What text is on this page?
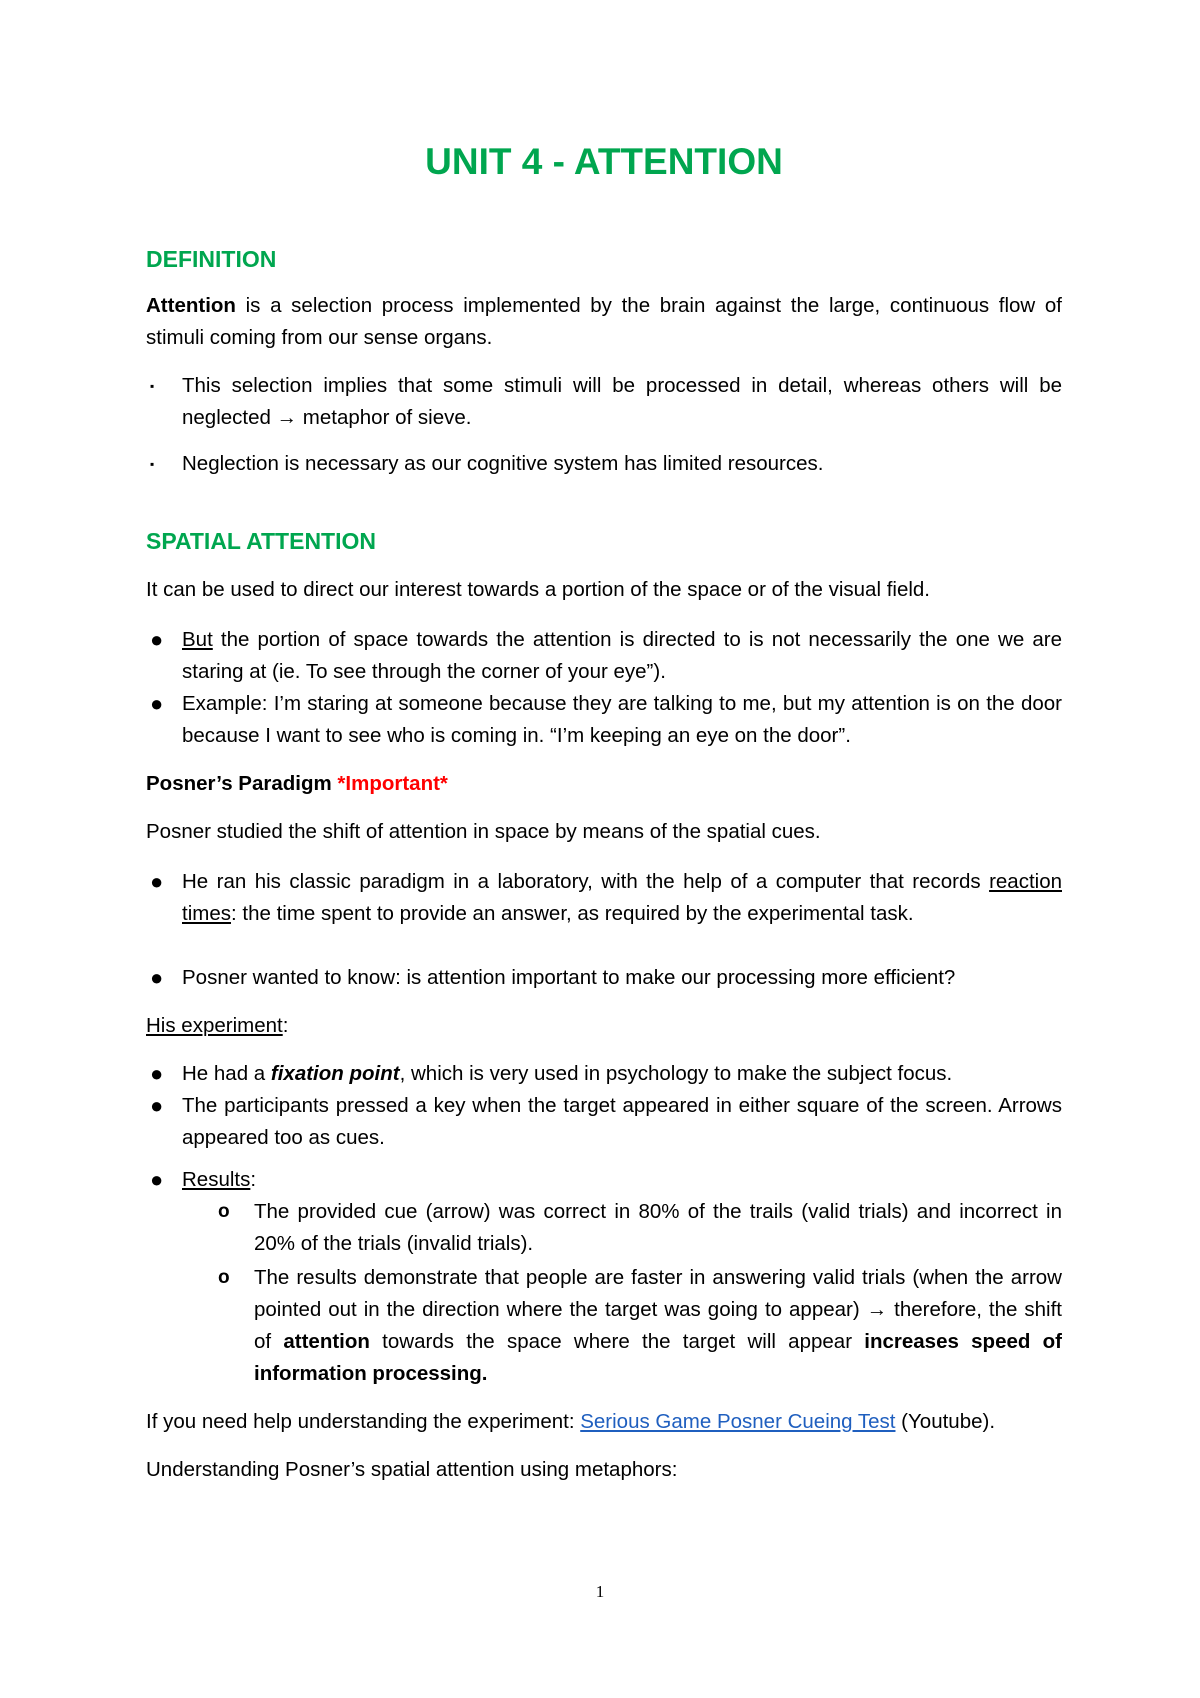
UNIT 4 - ATTENTION
DEFINITION
Attention is a selection process implemented by the brain against the large, continuous flow of stimuli coming from our sense organs.
▪	This selection implies that some stimuli will be processed in detail, whereas others will be neglected → metaphor of sieve.
▪	Neglection is necessary as our cognitive system has limited resources.
SPATIAL ATTENTION
It can be used to direct our interest towards a portion of the space or of the visual field.
● But the portion of space towards the attention is directed to is not necessarily the one we are staring at (ie. To see through the corner of your eye”).
● Example: I’m staring at someone because they are talking to me, but my attention is on the door because I want to see who is coming in. “I’m keeping an eye on the door”.
Posner’s Paradigm *Important*
Posner studied the shift of attention in space by means of the spatial cues.
● He ran his classic paradigm in a laboratory, with the help of a computer that records reaction times: the time spent to provide an answer, as required by the experimental task.
● Posner wanted to know: is attention important to make our processing more efficient?
His experiment:
● He had a fixation point, which is very used in psychology to make the subject focus.
● The participants pressed a key when the target appeared in either square of the screen. Arrows appeared too as cues.
● Results:
o The provided cue (arrow) was correct in 80% of the trails (valid trials) and incorrect in 20% of the trials (invalid trials).
o The results demonstrate that people are faster in answering valid trials (when the arrow pointed out in the direction where the target was going to appear) → therefore, the shift of attention towards the space where the target will appear increases speed of information processing.
If you need help understanding the experiment: Serious Game Posner Cueing Test (Youtube).
Understanding Posner’s spatial attention using metaphors:
1
